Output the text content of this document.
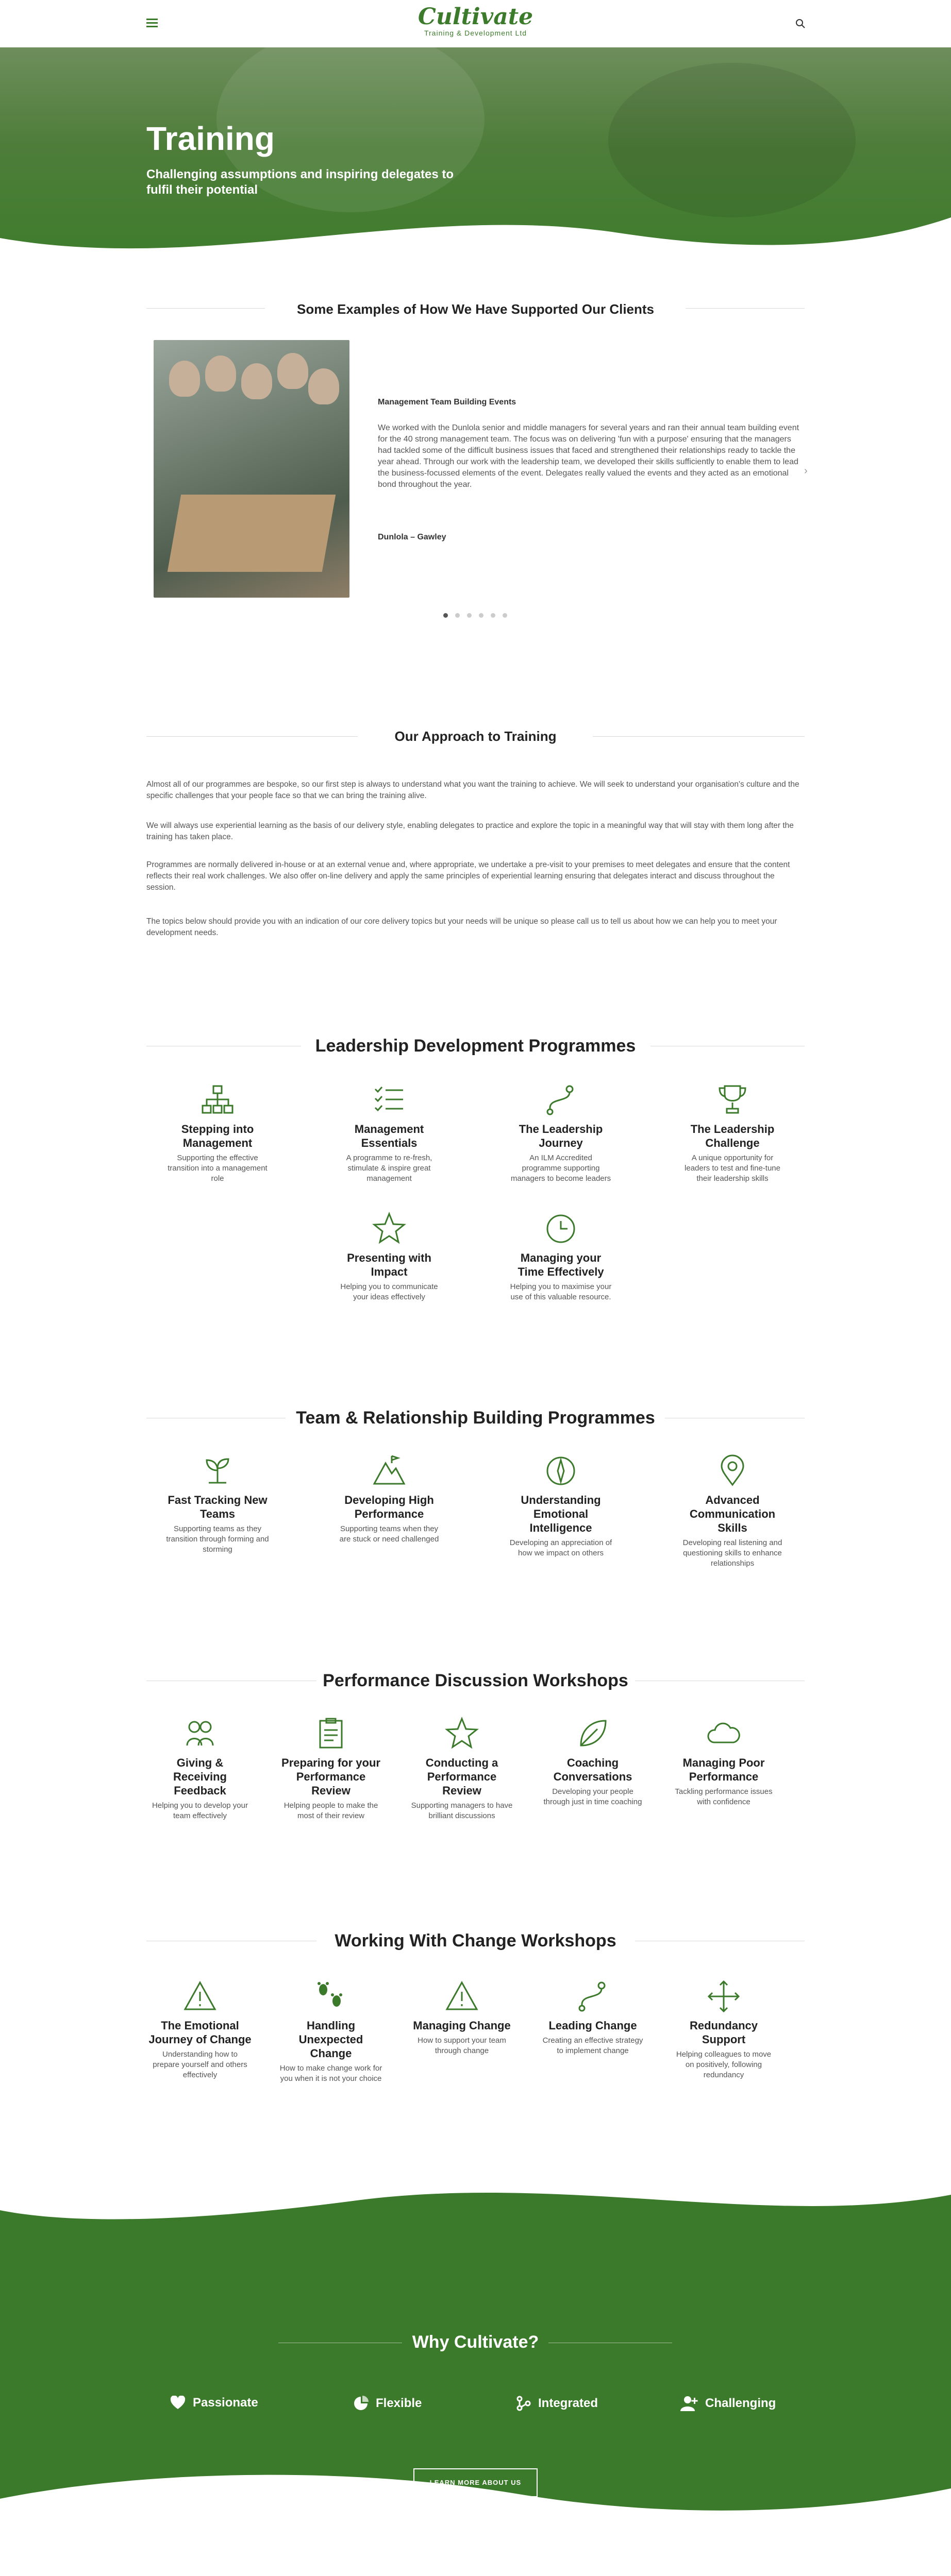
Cultivate
Training & Development Ltd
Training

Challenging assumptions and inspiring delegates to fulfil their potential

Some Examples of How We Have Supported Our Clients
Management Team Building Events
We worked with the Dunlola senior and middle managers for several years and ran their annual team building event for the 40 strong management team. The focus was on delivering 'fun with a purpose' ensuring that the managers had tackled some of the difficult business issues that faced and strengthened their relationships ready to tackle the year ahead. Through our work with the leadership team, we developed their skills sufficiently to enable them to lead the business-focussed elements of the event. Delegates really valued the events and they acted as an emotional bond throughout the year.
Dunlola – Gawley
›
Our Approach to Training

Almost all of our programmes are bespoke, so our first step is always to understand what you want the training to achieve. We will seek to understand your organisation's culture and the specific challenges that your people face so that we can bring the training alive.

We will always use experiential learning as the basis of our delivery style, enabling delegates to practice and explore the topic in a meaningful way that will stay with them long after the training has taken place.

Programmes are normally delivered in-house or at an external venue and, where appropriate, we undertake a pre-visit to your premises to meet delegates and ensure that the content reflects their real work challenges. We also offer on-line delivery and apply the same principles of experiential learning ensuring that delegates interact and discuss throughout the session.

The topics below should provide you with an indication of our core delivery topics but your needs will be unique so please call us to tell us about how we can help you to meet your development needs.

Leadership Development Programmes
Stepping into Management
Supporting the effective transition into a management role
Management Essentials
A programme to re-fresh, stimulate & inspire great management
The Leadership Journey
An ILM Accredited programme supporting managers to become leaders
The Leadership Challenge
A unique opportunity for leaders to test and fine-tune their leadership skills
Presenting with Impact
Helping you to communicate your ideas effectively
Managing your Time Effectively
Helping you to maximise your use of this valuable resource.
Team & Relationship Building Programmes
Fast Tracking New Teams
Supporting teams as they transition through forming and storming
Developing High Performance
Supporting teams when they are stuck or need challenged
Understanding Emotional Intelligence
Developing an appreciation of how we impact on others
Advanced Communication Skills
Developing real listening and questioning skills to enhance relationships
Performance Discussion Workshops
Giving & Receiving Feedback
Helping you to develop your team effectively
Preparing for your Performance Review
Helping people to make the most of their review
Conducting a Performance Review
Supporting managers to have brilliant discussions
Coaching Conversations
Developing your people through just in time coaching
Managing Poor Performance
Tackling performance issues with confidence
Working With Change Workshops
The Emotional Journey of Change
Understanding how to prepare yourself and others effectively
Handling Unexpected Change
How to make change work for you when it is not your choice
Managing Change
How to support your team through change
Leading Change
Creating an effective strategy to implement change
Redundancy Support
Helping colleagues to move on positively, following redundancy
Why Cultivate?
Passionate	Flexible	Integrated	Challenging
LEARN MORE ABOUT US
